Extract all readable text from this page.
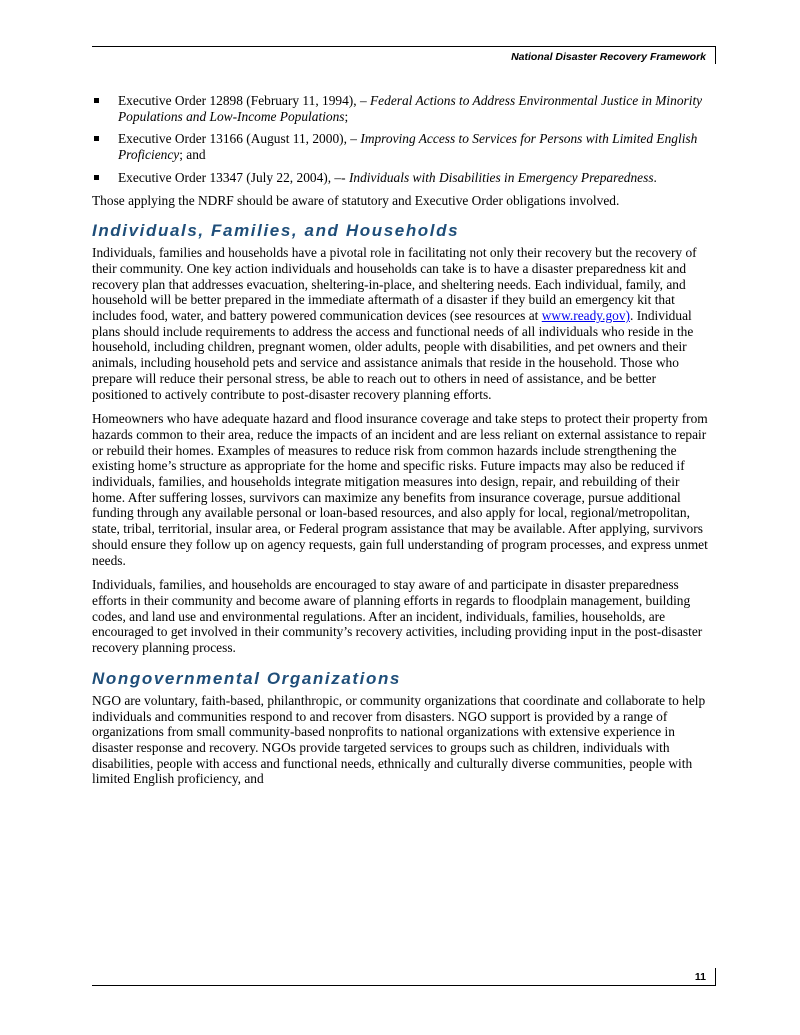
National Disaster Recovery Framework
Executive Order 12898 (February 11, 1994), – Federal Actions to Address Environmental Justice in Minority Populations and Low-Income Populations;
Executive Order 13166 (August 11, 2000), – Improving Access to Services for Persons with Limited English Proficiency; and
Executive Order 13347 (July 22, 2004), –- Individuals with Disabilities in Emergency Preparedness.

Those applying the NDRF should be aware of statutory and Executive Order obligations involved.

Individuals, Families, and Households

Individuals, families and households have a pivotal role in facilitating not only their recovery but the recovery of their community. One key action individuals and households can take is to have a disaster preparedness kit and recovery plan that addresses evacuation, sheltering-in-place, and sheltering needs. Each individual, family, and household will be better prepared in the immediate aftermath of a disaster if they build an emergency kit that includes food, water, and battery powered communication devices (see resources at www.ready.gov). Individual plans should include requirements to address the access and functional needs of all individuals who reside in the household, including children, pregnant women, older adults, people with disabilities, and pet owners and their animals, including household pets and service and assistance animals that reside in the household. Those who prepare will reduce their personal stress, be able to reach out to others in need of assistance, and be better positioned to actively contribute to post-disaster recovery planning efforts.

Homeowners who have adequate hazard and flood insurance coverage and take steps to protect their property from hazards common to their area, reduce the impacts of an incident and are less reliant on external assistance to repair or rebuild their homes. Examples of measures to reduce risk from common hazards include strengthening the existing home’s structure as appropriate for the home and specific risks. Future impacts may also be reduced if individuals, families, and households integrate mitigation measures into design, repair, and rebuilding of their home. After suffering losses, survivors can maximize any benefits from insurance coverage, pursue additional funding through any available personal or loan-based resources, and also apply for local, regional/metropolitan, state, tribal, territorial, insular area, or Federal program assistance that may be available. After applying, survivors should ensure they follow up on agency requests, gain full understanding of program processes, and express unmet needs.

Individuals, families, and households are encouraged to stay aware of and participate in disaster preparedness efforts in their community and become aware of planning efforts in regards to floodplain management, building codes, and land use and environmental regulations. After an incident, individuals, families, households, are encouraged to get involved in their community’s recovery activities, including providing input in the post-disaster recovery planning process.

Nongovernmental Organizations

NGO are voluntary, faith-based, philanthropic, or community organizations that coordinate and collaborate to help individuals and communities respond to and recover from disasters. NGO support is provided by a range of organizations from small community-based nonprofits to national organizations with extensive experience in disaster response and recovery. NGOs provide targeted services to groups such as children, individuals with disabilities, people with access and functional needs, ethnically and culturally diverse communities, people with limited English proficiency, and

11
